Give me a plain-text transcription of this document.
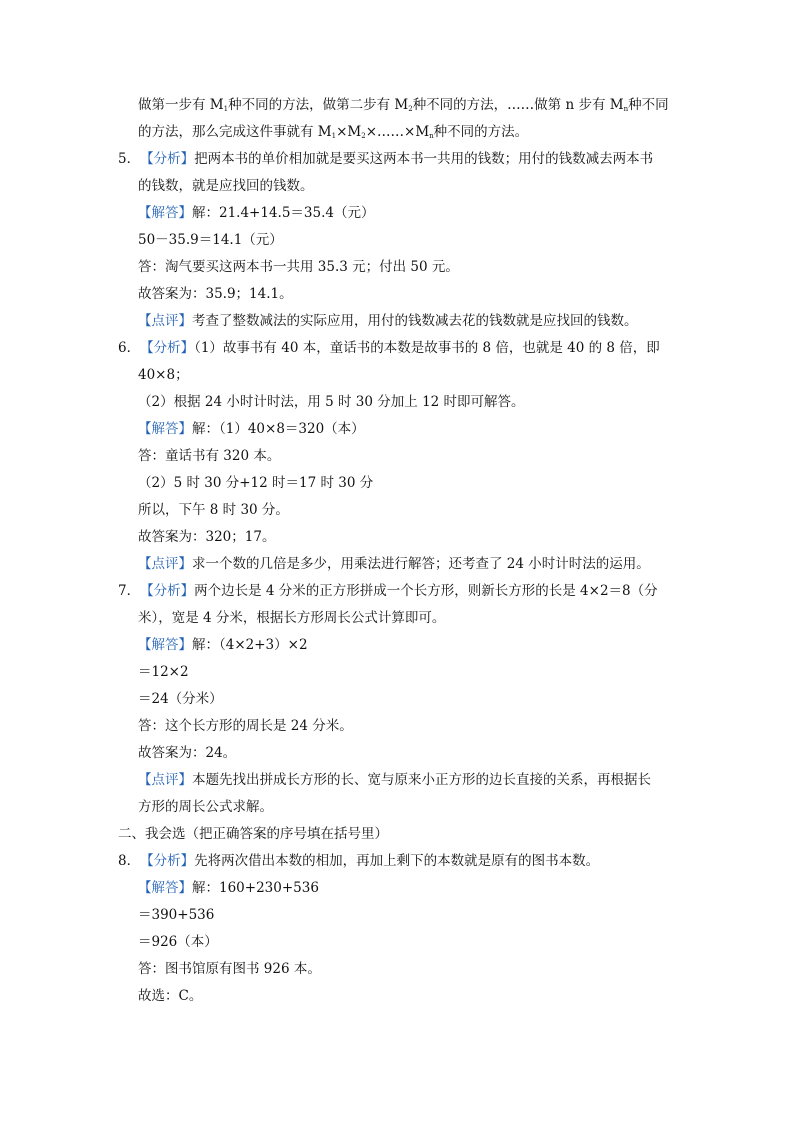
做第一步有 $M_1$种不同的方法，做第二步有 $M_2$种不同的方法，……做第 n 步有 $M_n$种不同
的方法，那么完成这件事就有 $M_1\times M_2\times\dots\dots\times M_n$种不同的方法。
5．【分析】把两本书的单价相加就是要买这两本书一共用的钱数；用付的钱数减去两本书
的钱数，就是应找回的钱数。
【解答】解：21.4+14.5＝35.4（元）
50－35.9＝14.1（元）
答：淘气要买这两本书一共用 35.3 元；付出 50 元。
故答案为：35.9；14.1。
【点评】考查了整数减法的实际应用，用付的钱数减去花的钱数就是应找回的钱数。
6．【分析】（1）故事书有 40 本，童话书的本数是故事书的 8 倍，也就是 40 的 8 倍，即
40×8；
（2）根据 24 小时计时法，用 5 时 30 分加上 12 时即可解答。
【解答】解：（1）40×8＝320（本）
答：童话书有 320 本。
（2）5 时 30 分+12 时＝17 时 30 分
所以，下午 8 时 30 分。
故答案为：320；17。
【点评】求一个数的几倍是多少，用乘法进行解答；还考查了 24 小时计时法的运用。
7．【分析】两个边长是 4 分米的正方形拼成一个长方形，则新长方形的长是 4×2＝8（分
米），宽是 4 分米，根据长方形周长公式计算即可。
【解答】解：（4×2+3）×2
＝12×2
＝24（分米）
答：这个长方形的周长是 24 分米。
故答案为：24。
【点评】本题先找出拼成长方形的长、宽与原来小正方形的边长直接的关系，再根据长
方形的周长公式求解。
二、我会选（把正确答案的序号填在括号里）
8．【分析】先将两次借出本数的相加，再加上剩下的本数就是原有的图书本数。
【解答】解：160+230+536
＝390+536
＝926（本）
答：图书馆原有图书 926 本。
故选：C。
